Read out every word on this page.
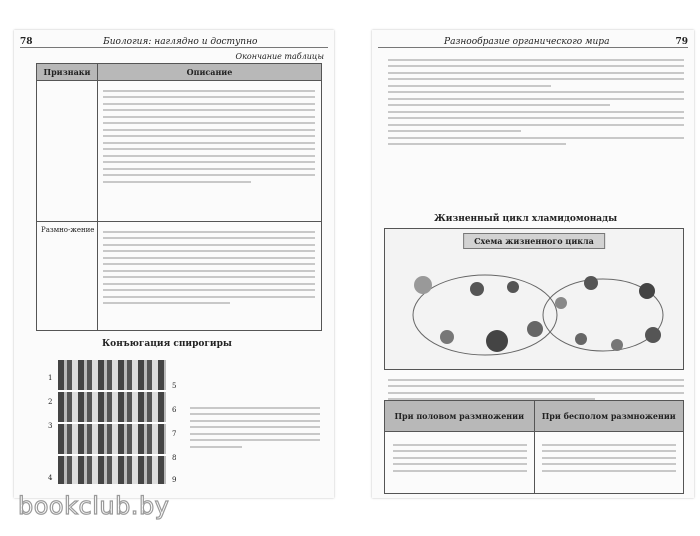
78	Биология: наглядно и доступно
Окончание таблицы
Признаки	Описание
Размно-жение
Конъюгация спирогиры
1
2
3
4
5
6
7
8
9
Разнообразие органического мира	79
Жизненный цикл хламидомонады
Схема жизненного цикла
При половом размножении	При бесполом размножении
bookclub.by
